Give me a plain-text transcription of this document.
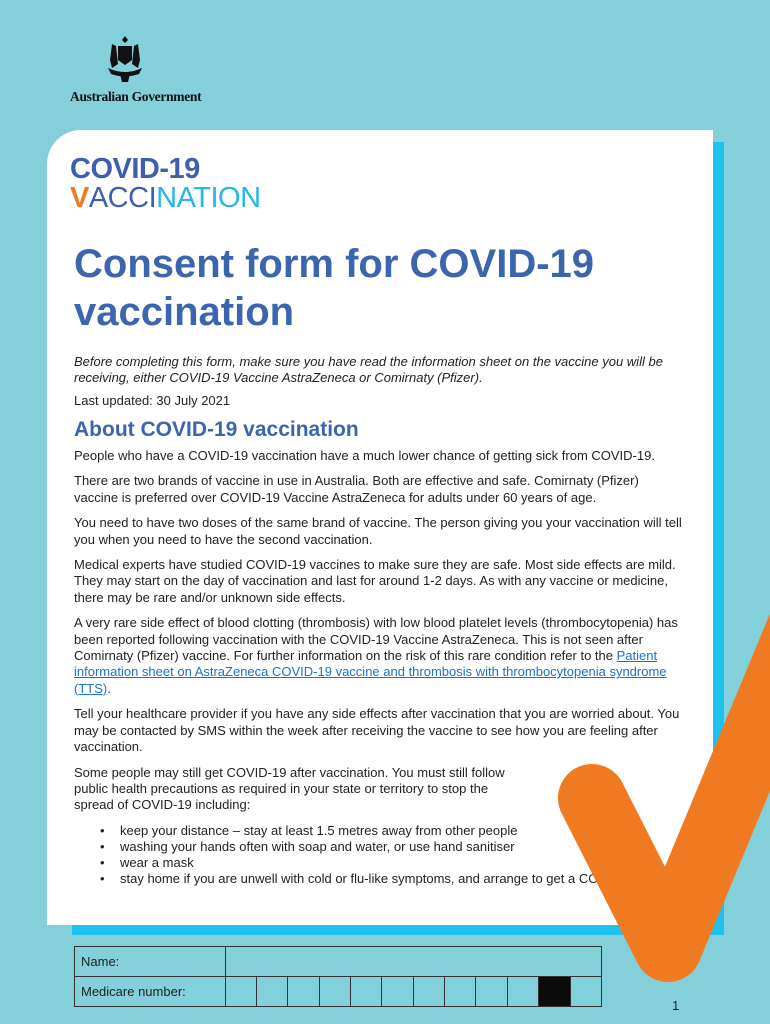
Australian Government
COVID-19
VACCINATION
Consent form for COVID-19 vaccination

Before completing this form, make sure you have read the information sheet on the vaccine you will be receiving, either COVID-19 Vaccine AstraZeneca or Comirnaty (Pfizer).

Last updated: 30 July 2021

About COVID-19 vaccination

People who have a COVID-19 vaccination have a much lower chance of getting sick from COVID-19.

There are two brands of vaccine in use in Australia. Both are effective and safe. Comirnaty (Pfizer) vaccine is preferred over COVID-19 Vaccine AstraZeneca for adults under 60 years of age.

You need to have two doses of the same brand of vaccine. The person giving you your vaccination will tell you when you need to have the second vaccination.

Medical experts have studied COVID-19 vaccines to make sure they are safe. Most side effects are mild. They may start on the day of vaccination and last for around 1-2 days. As with any vaccine or medicine, there may be rare and/or unknown side effects.

A very rare side effect of blood clotting (thrombosis) with low blood platelet levels (thrombocytopenia) has been reported following vaccination with the COVID-19 Vaccine AstraZeneca. This is not seen after Comirnaty (Pfizer) vaccine. For further information on the risk of this rare condition refer to the Patient information sheet on AstraZeneca COVID-19 vaccine and thrombosis with thrombocytopenia syndrome (TTS).

Tell your healthcare provider if you have any side effects after vaccination that you are worried about. You may be contacted by SMS within the week after receiving the vaccine to see how you are feeling after vaccination.

Some people may still get COVID-19 after vaccination. You must still follow public health precautions as required in your state or territory to stop the spread of COVID-19 including:

• keep your distance – stay at least 1.5 metres away from other people
• washing your hands often with soap and water, or use hand sanitiser
• wear a mask
• stay home if you are unwell with cold or flu-like symptoms, and arrange to get a COVID-19 test.
Name:												
Medicare number:												
1
